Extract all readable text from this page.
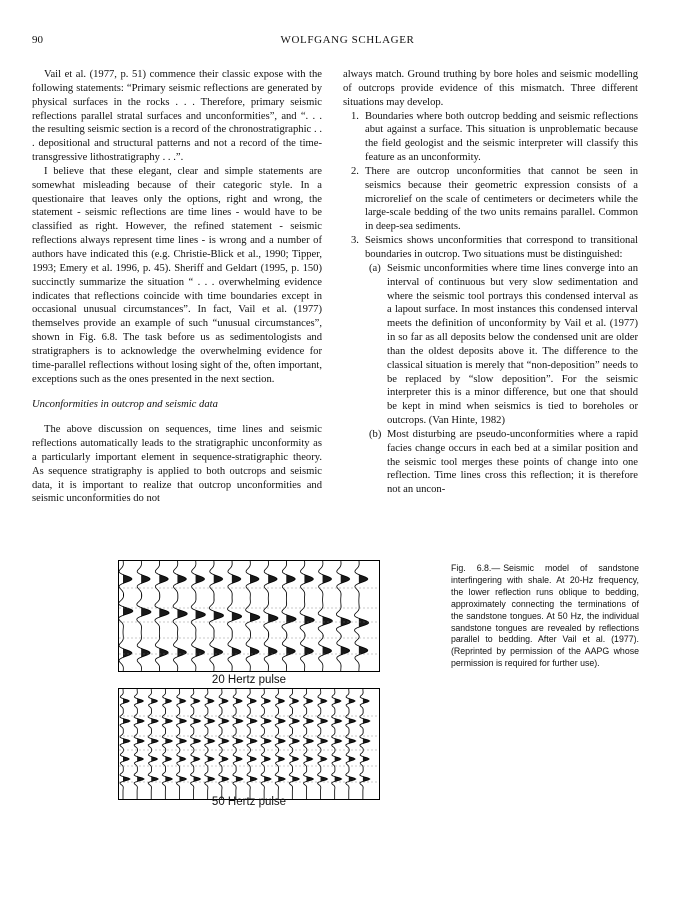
90	WOLFGANG SCHLAGER

Vail et al. (1977, p. 51) commence their classic expose with the following statements: “Primary seismic reflections are generated by physical surfaces in the rocks . . . Therefore, primary seismic reflections parallel stratal surfaces and unconformities”, and “. . . the resulting seismic section is a record of the chronostratigraphic . . . depositional and structural patterns and not a record of the time-transgressive lithostratigraphy . . .”.

I believe that these elegant, clear and simple statements are somewhat misleading because of their categoric style. In a questionaire that leaves only the options, right and wrong, the statement - seismic reflections are time lines - would have to be classified as right. However, the refined statement - seismic reflections always represent time lines - is wrong and a number of authors have indicated this (e.g. Christie-Blick et al., 1990; Tipper, 1993; Emery et al. 1996, p. 45). Sheriff and Geldart (1995, p. 150) succinctly summarize the situation “ . . . overwhelming evidence indicates that reflections coincide with time boundaries except in occasional unusual circumstances”. In fact, Vail et al. (1977) themselves provide an example of such “unusual circumstances”, shown in Fig. 6.8. The task before us as sedimentologists and stratigraphers is to acknowledge the overwhelming evidence for time-parallel reflections without losing sight of the, often important, exceptions such as the ones presented in the next section.

Unconformities in outcrop and seismic data

The above discussion on sequences, time lines and seismic reflections automatically leads to the stratigraphic unconformity as a particularly important element in sequence-stratigraphic theory. As sequence stratigraphy is applied to both outcrops and seismic data, it is important to realize that outcrop unconformities and seismic unconformities do not

always match. Ground truthing by bore holes and seismic modelling of outcrops provide evidence of this mismatch. Three different situations may develop.

1. Boundaries where both outcrop bedding and seismic reflections abut against a surface. This situation is unproblematic because the field geologist and the seismic interpreter will classify this feature as an unconformity.
2. There are outcrop unconformities that cannot be seen in seismics because their geometric expression consists of a microrelief on the scale of centimeters or decimeters while the large-scale bedding of the two units remains parallel. Common in deep-sea sediments.
3. Seismics shows unconformities that correspond to transitional boundaries in outcrop. Two situations must be distinguished:
(a) Seismic unconformities where time lines converge into an interval of continuous but very slow sedimentation and where the seismic tool portrays this condensed interval as a lapout surface. In most instances this condensed interval meets the definition of unconformity by Vail et al. (1977) in so far as all deposits below the condensed unit are older than the oldest deposits above it. The difference to the classical situation is merely that “non-deposition” needs to be replaced by “slow deposition”. For the seismic interpreter this is a minor difference, but one that should be kept in mind when seismics is tied to boreholes or outcrops. (Van Hinte, 1982)
(b) Most disturbing are pseudo-unconformities where a rapid facies change occurs in each bed at a similar position and the seismic tool merges these points of change into one reflection. Time lines cross this reflection; it is therefore not an uncon-
20 Hertz pulse
50 Hertz pulse
Fig. 6.8.— Seismic model of sandstone interfingering with shale. At 20-Hz frequency, the lower reflection runs oblique to bedding, approximately connecting the terminations of the sandstone tongues. At 50 Hz, the individual sandstone tongues are revealed by reflections parallel to bedding. After Vail et al. (1977). (Reprinted by permission of the AAPG whose permission is required for further use).
